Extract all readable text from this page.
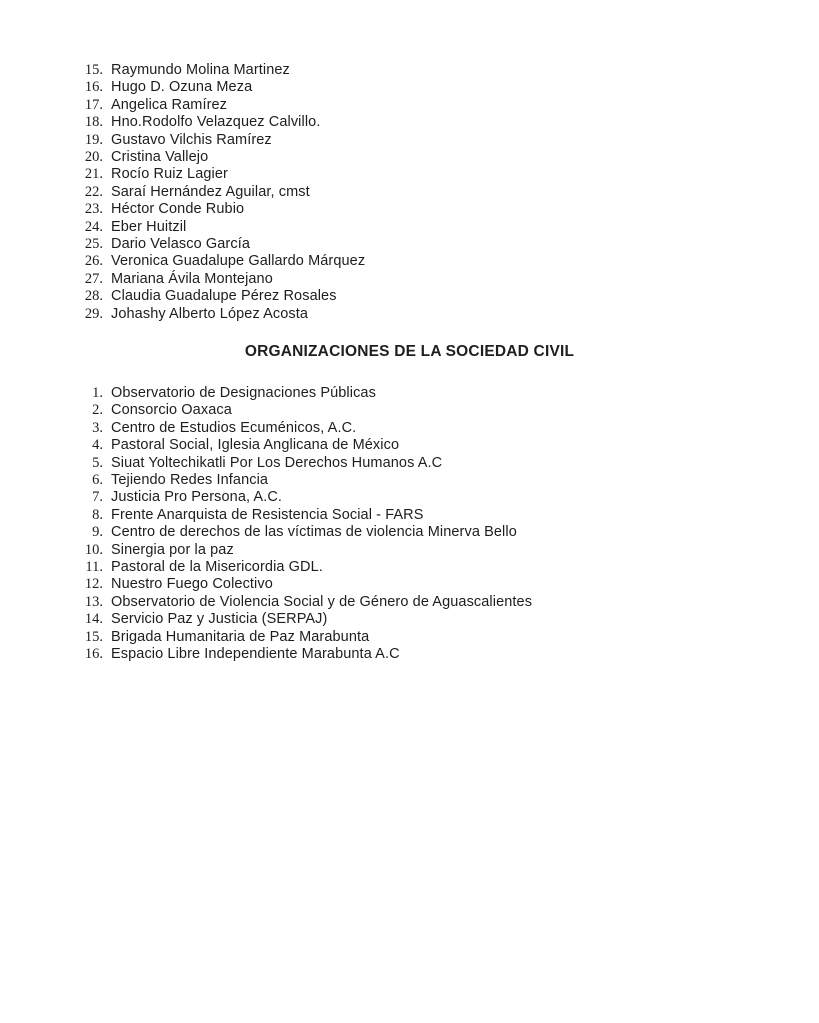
15. Raymundo Molina Martinez
16. Hugo D. Ozuna Meza
17. Angelica Ramírez
18. Hno.Rodolfo Velazquez Calvillo.
19. Gustavo Vilchis Ramírez
20. Cristina Vallejo
21. Rocío Ruiz Lagier
22. Saraí Hernández Aguilar, cmst
23. Héctor Conde Rubio
24. Eber Huitzil
25. Dario Velasco García
26. Veronica Guadalupe Gallardo Márquez
27. Mariana Ávila Montejano
28. Claudia Guadalupe Pérez Rosales
29. Johashy Alberto López Acosta
ORGANIZACIONES DE LA SOCIEDAD CIVIL
1. Observatorio de Designaciones Públicas
2. Consorcio Oaxaca
3. Centro de Estudios Ecuménicos, A.C.
4. Pastoral Social, Iglesia Anglicana de México
5. Siuat Yoltechikatli Por Los Derechos Humanos A.C
6. Tejiendo Redes Infancia
7. Justicia Pro Persona, A.C.
8. Frente Anarquista de Resistencia Social - FARS
9. Centro de derechos de las víctimas de violencia Minerva Bello
10. Sinergia por la paz
11. Pastoral de la Misericordia GDL.
12. Nuestro Fuego Colectivo
13. Observatorio de Violencia Social y de Género de Aguascalientes
14. Servicio Paz y Justicia (SERPAJ)
15. Brigada Humanitaria de Paz Marabunta
16. Espacio Libre Independiente Marabunta A.C
